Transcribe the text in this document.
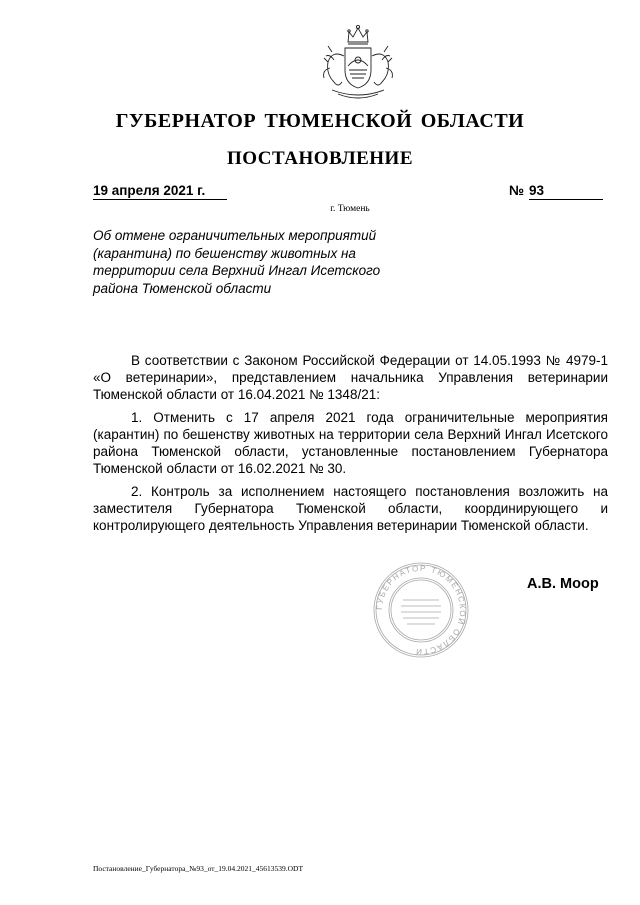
ГУБЕРНАТОР ТЮМЕНСКОЙ ОБЛАСТИ
ПОСТАНОВЛЕНИЕ
19 апреля 2021 г.	№ 93
г. Тюмень
Об отмене ограничительных мероприятий (карантина) по бешенству животных на территории села Верхний Ингал Исетского района Тюменской области

В соответствии с Законом Российской Федерации от 14.05.1993 № 4979-1 «О ветеринарии», представлением начальника Управления ветеринарии Тюменской области от 16.04.2021 № 1348/21:

1. Отменить с 17 апреля 2021 года ограничительные мероприятия (карантин) по бешенству животных на территории села Верхний Ингал Исетского района Тюменской области, установленные постановлением Губернатора Тюменской области от 16.02.2021 № 30.

2. Контроль за исполнением настоящего постановления возложить на заместителя Губернатора Тюменской области, координирующего и контролирующего деятельность Управления ветеринарии Тюменской области.

ГУБЕРНАТОР ТЮМЕНСКОЙ ОБЛАСТИ
А.В. Моор
Постановление_Губернатора_№93_от_19.04.2021_45613539.ODT
